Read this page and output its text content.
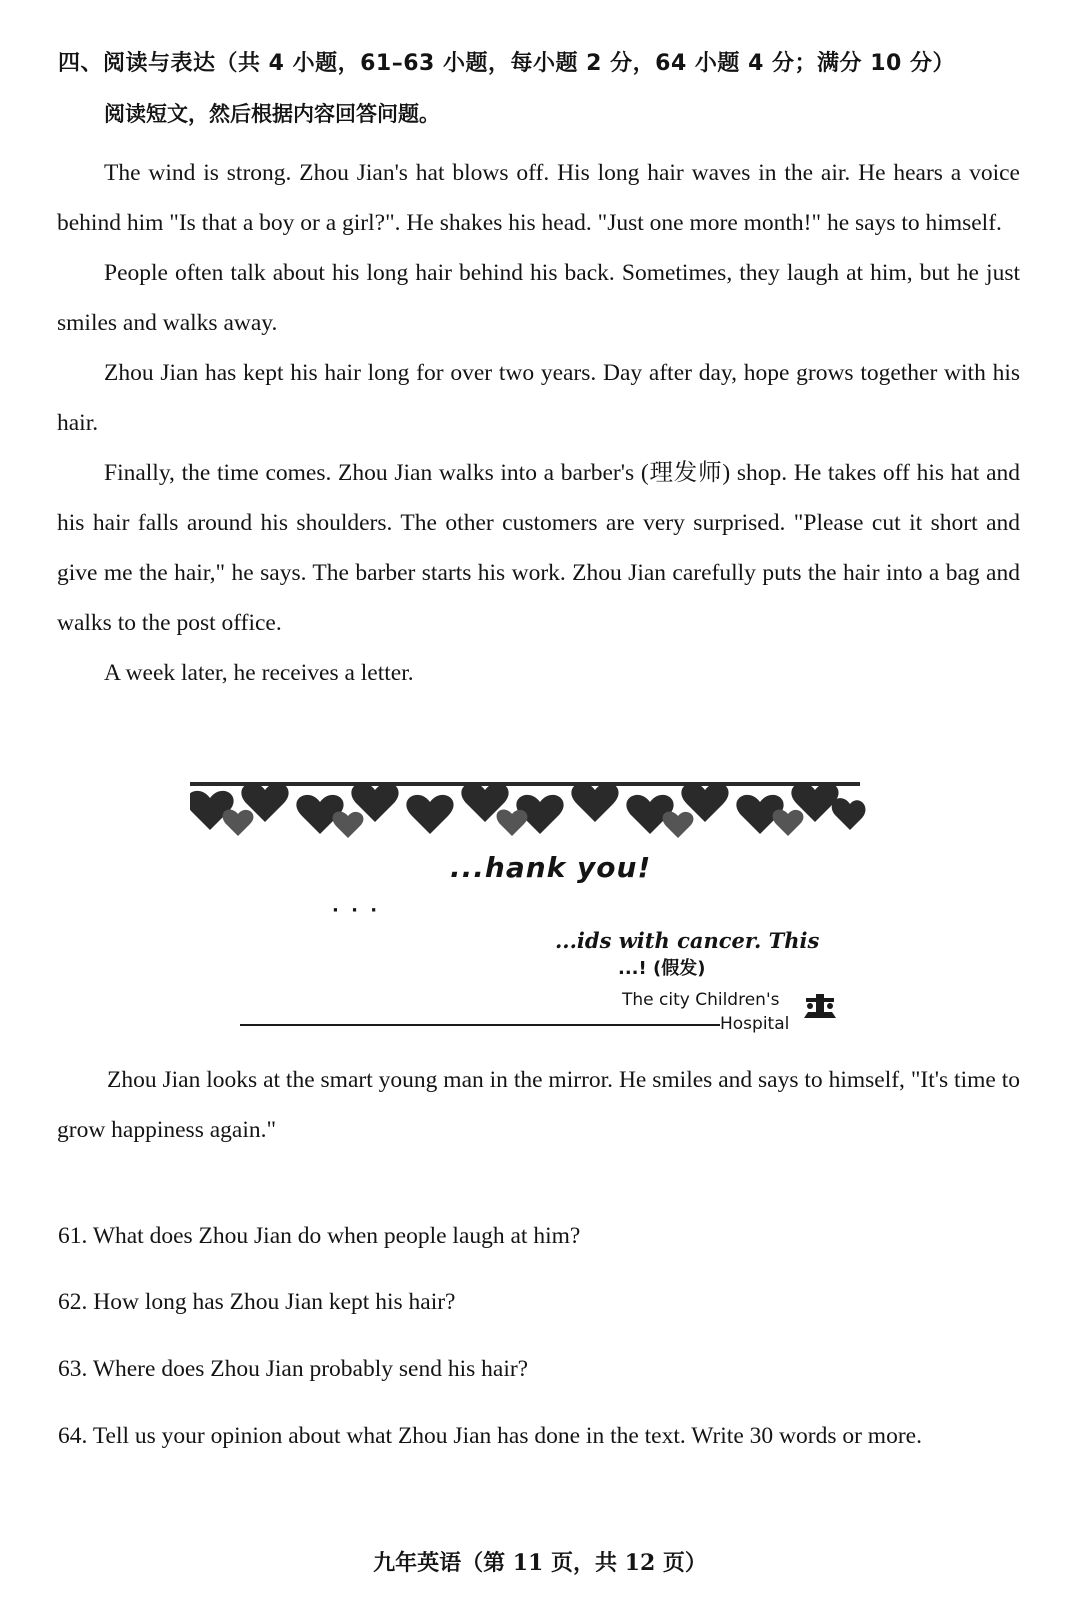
四、阅读与表达（共 4 小题，61–63 小题，每小题 2 分，64 小题 4 分；满分 10 分）
阅读短文，然后根据内容回答问题。

The wind is strong. Zhou Jian's hat blows off. His long hair waves in the air. He hears a voice behind him "Is that a boy or a girl?". He shakes his head. "Just one more month!" he says to himself.

People often talk about his long hair behind his back. Sometimes, they laugh at him, but he just smiles and walks away.

Zhou Jian has kept his hair long for over two years. Day after day, hope grows together with his hair.

Finally, the time comes. Zhou Jian walks into a barber's (理发师) shop. He takes off his hat and his hair falls around his shoulders. The other customers are very surprised. "Please cut it short and give me the hair," he says. The barber starts his work. Zhou Jian carefully puts the hair into a bag and walks to the post office.

A week later, he receives a letter.

...hank you!
· · ·
...ids with cancer. This
...! (假发)
The city Children's
Hospital

Zhou Jian looks at the smart young man in the mirror. He smiles and says to himself, "It's time to grow happiness again."

61. What does Zhou Jian do when people laugh at him?
62. How long has Zhou Jian kept his hair?
63. Where does Zhou Jian probably send his hair?
64. Tell us your opinion about what Zhou Jian has done in the text. Write 30 words or more.
九年英语（第 11 页，共 12 页）
